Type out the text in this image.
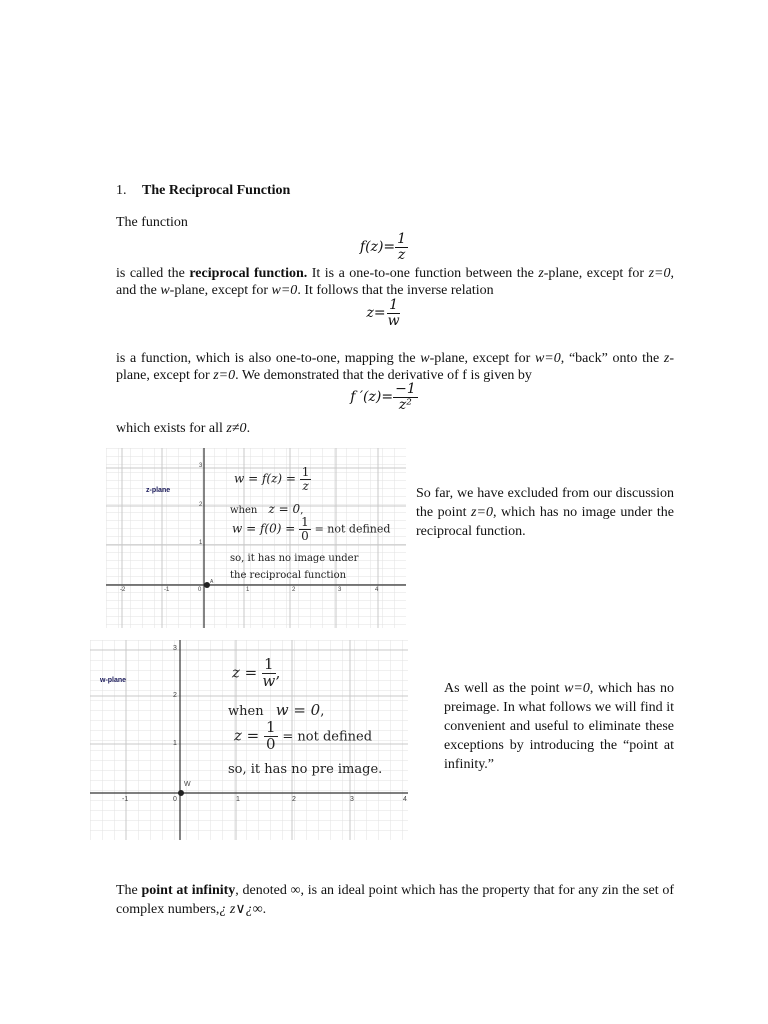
1. The Reciprocal Function
The function
$f(z)= \frac{1}{z}$
is called the reciprocal function. It is a one-to-one function between the z-plane, except for z=0, and the w-plane, except for w=0. It follows that the inverse relation
$z= \frac{1}{w}$
is a function, which is also one-to-one, mapping the w-plane, except for w=0, “back” onto the z-plane, except for z=0. We demonstrated that the derivative of f is given by
f $'(z)= \frac{-1}{\text{z²}}$
which exists for all z≠0.
z-plane
-2	-1	0	1	2	3	4
1
2
3
A
$w = f(z) = \frac{1}{z}$
when z = 0,
$w = f(0) = \frac{1}{0}$ = not defined
so, it has no image under
the reciprocal function
So far, we have excluded from our discussion the point z=0, which has no image under the reciprocal function.
w-plane
-1	0	1	2	3	4
1
2
3
W
$z = \frac{1}{w}$ ,
when w = 0,
$z = \frac{1}{0}$ = not defined
so, it has no pre image.
As well as the point w=0, which has no preimage. In what follows we will find it convenient and useful to eliminate these exceptions by introducing the “point at infinity.”
The point at infinity, denoted ∞, is an ideal point which has the property that for any zin the set of complex numbers,¿ z∨¿∞.
